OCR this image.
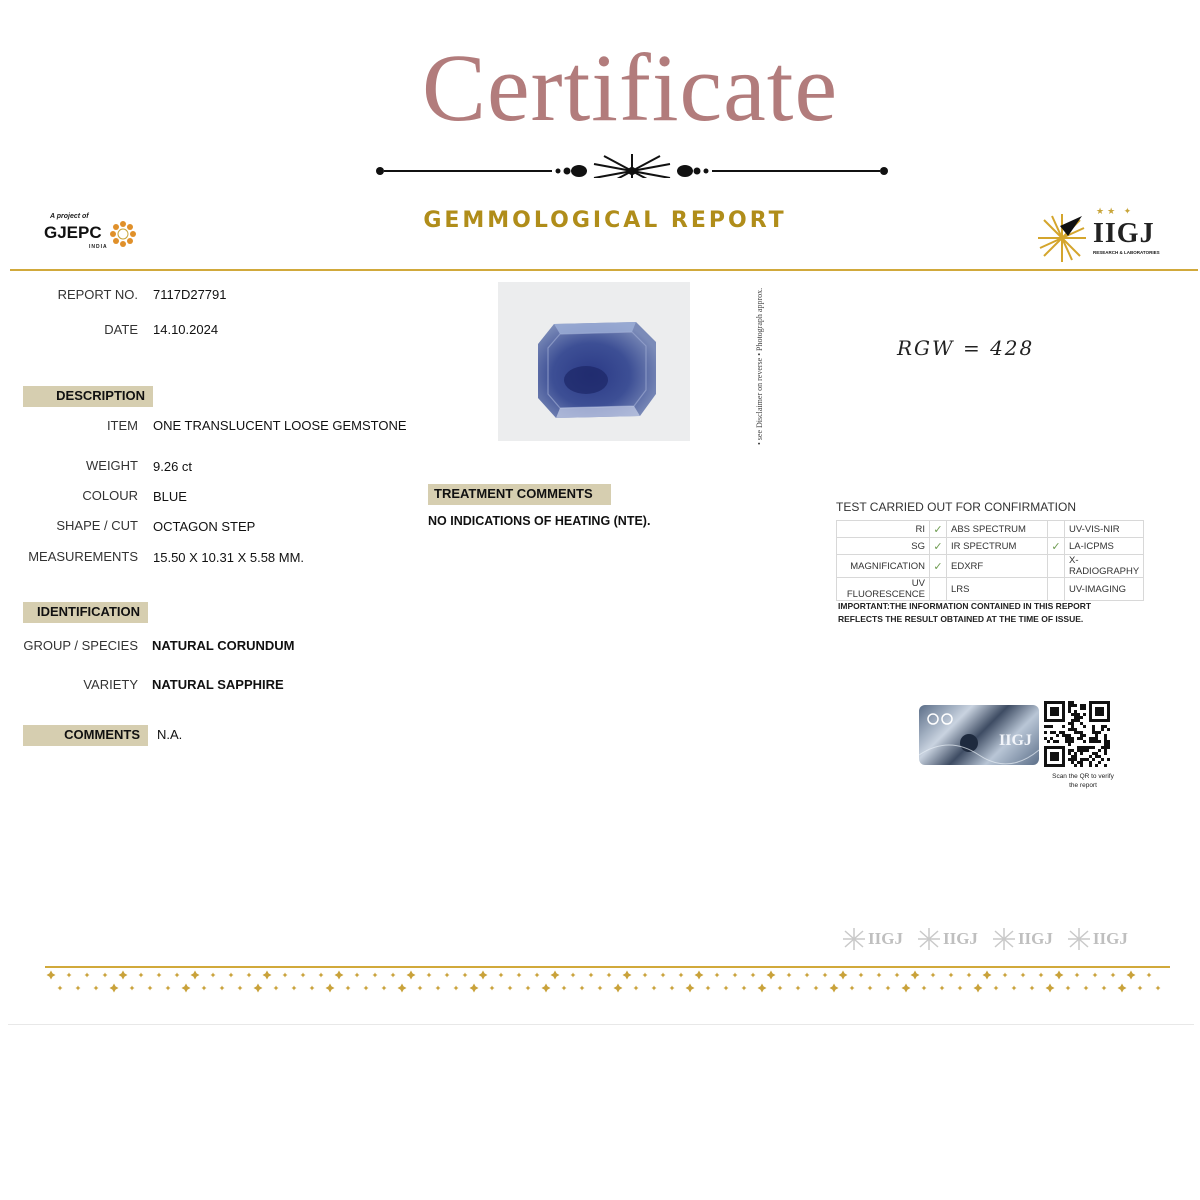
Certificate
GEMMOLOGICAL REPORT
A project of
GJEPC
INDIA
★★ ✦
IIGJ
RESEARCH & LABORATORIES
REPORT NO. 7117D27791
DATE 14.10.2024
DESCRIPTION
ITEM ONE TRANSLUCENT LOOSE GEMSTONE
WEIGHT 9.26 ct
COLOUR BLUE
SHAPE / CUT OCTAGON STEP
MEASUREMENTS 15.50 X 10.31 X 5.58 MM.
IDENTIFICATION
GROUP / SPECIES NATURAL CORUNDUM
VARIETY NATURAL SAPPHIRE
COMMENTS	N.A.
• see Disclaimer on reverse • Photograph approx.	RGW = 428
TREATMENT COMMENTS
NO INDICATIONS OF HEATING (NTE).
TEST CARRIED OUT FOR CONFIRMATION
RI	✓	ABS SPECTRUM		UV-VIS-NIR
SG	✓	IR SPECTRUM	✓	LA-ICPMS
MAGNIFICATION	✓	EDXRF		X-RADIOGRAPHY
UV FLUORESCENCE		LRS		UV-IMAGING
IMPORTANT:THE INFORMATION CONTAINED IN THIS REPORT REFLECTS THE RESULT OBTAINED AT THE TIME OF ISSUE.
IIGJ
Scan the QR to verify the report
IIGJ IIGJ IIGJ IIGJ
